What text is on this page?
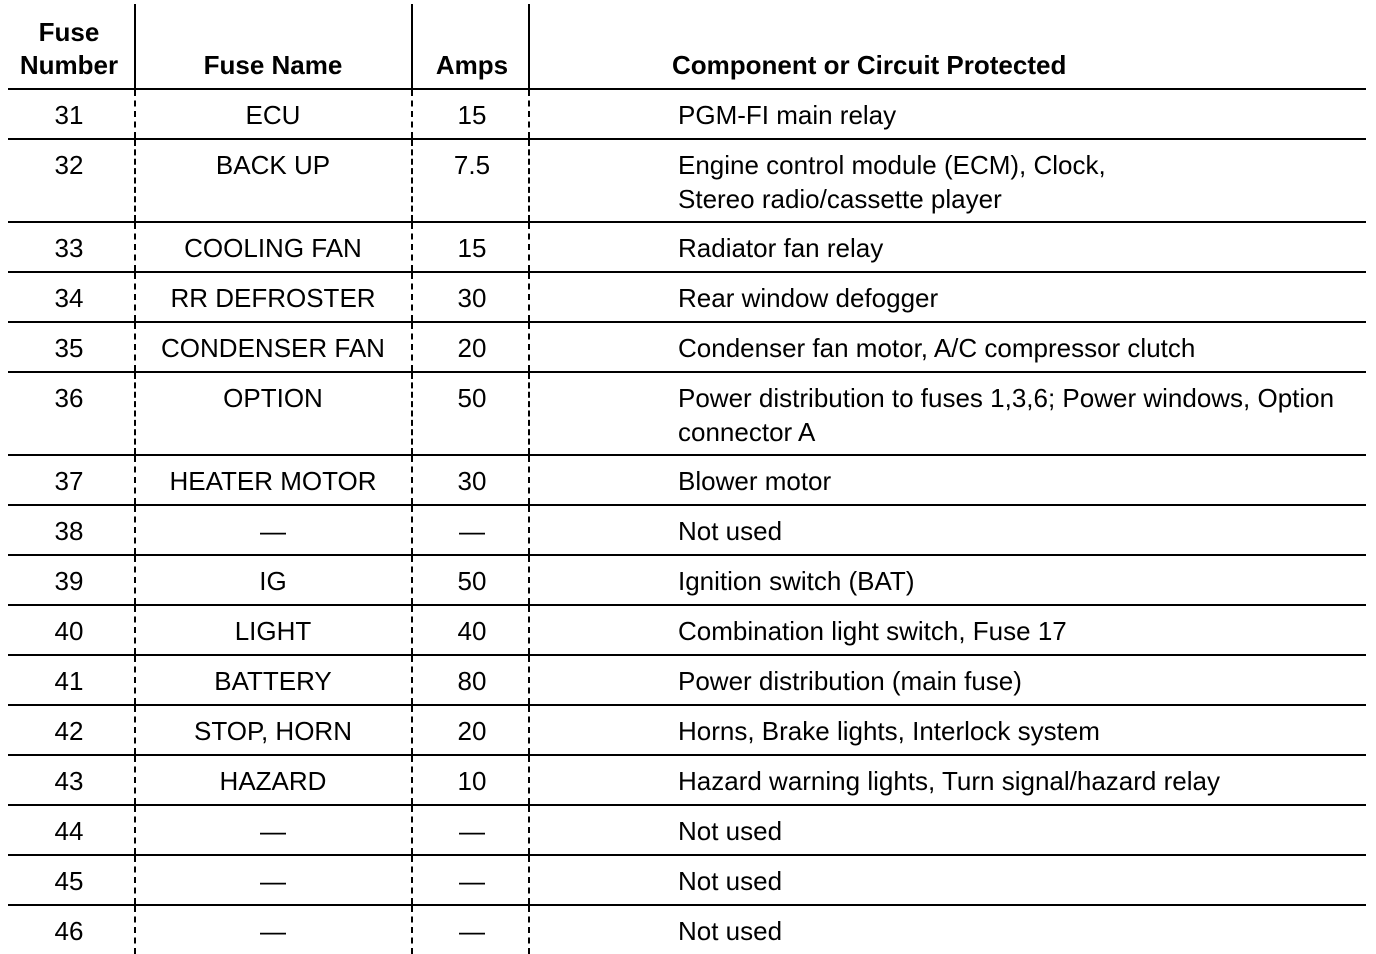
Fuse
Number	Fuse Name	Amps	Component or Circuit Protected
31	ECU	15	PGM-FI main relay
32	BACK UP	7.5	Engine control module (ECM), Clock,
Stereo radio/cassette player
33	COOLING FAN	15	Radiator fan relay
34	RR DEFROSTER	30	Rear window defogger
35	CONDENSER FAN	20	Condenser fan motor, A/C compressor clutch
36	OPTION	50	Power distribution to fuses 1,3,6; Power windows, Option
connector A
37	HEATER MOTOR	30	Blower motor
38	—	—	Not used
39	IG	50	Ignition switch (BAT)
40	LIGHT	40	Combination light switch, Fuse 17
41	BATTERY	80	Power distribution (main fuse)
42	STOP, HORN	20	Horns, Brake lights, Interlock system
43	HAZARD	10	Hazard warning lights, Turn signal/hazard relay
44	—	—	Not used
45	—	—	Not used
46	—	—	Not used
